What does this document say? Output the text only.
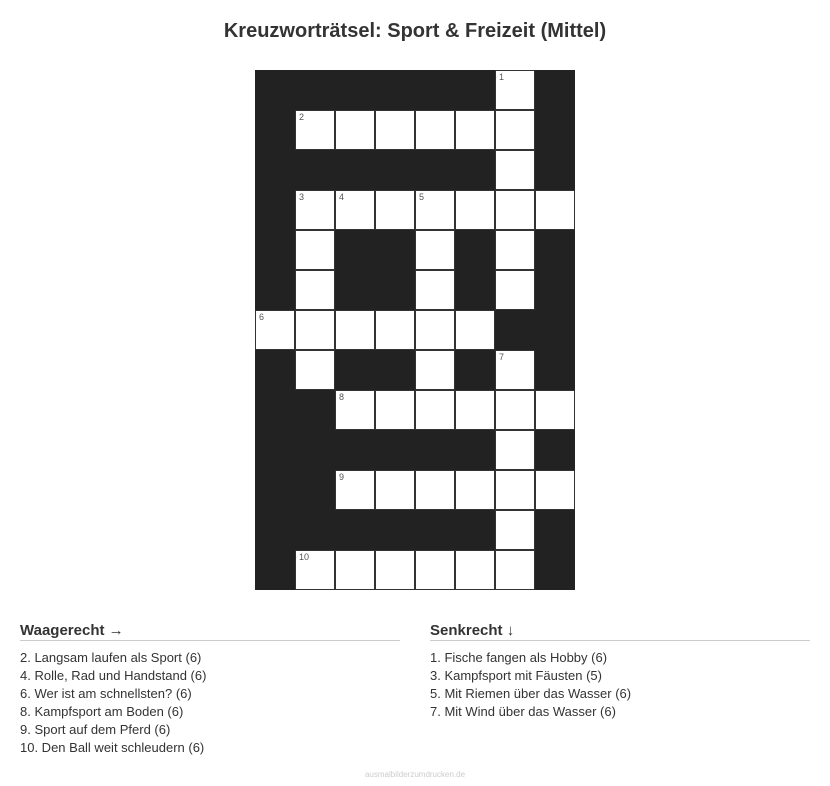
Kreuzworträtsel: Sport & Freizeit (Mittel)
1
2
3	4	5
6
7
8
9
10
Waagerecht →
2. Langsam laufen als Sport (6)
4. Rolle, Rad und Handstand (6)
6. Wer ist am schnellsten? (6)
8. Kampfsport am Boden (6)
9. Sport auf dem Pferd (6)
10. Den Ball weit schleudern (6)
Senkrecht ↓
1. Fische fangen als Hobby (6)
3. Kampfsport mit Fäusten (5)
5. Mit Riemen über das Wasser (6)
7. Mit Wind über das Wasser (6)
ausmalbilderzumdrucken.de
